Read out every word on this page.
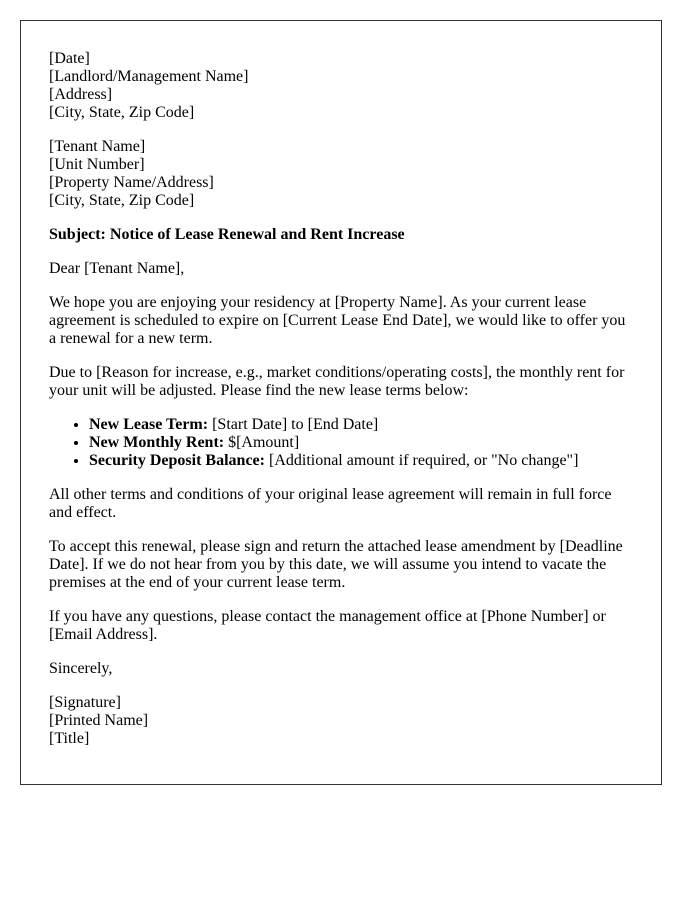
[Date]
[Landlord/Management Name]
[Address]
[City, State, Zip Code]

[Tenant Name]
[Unit Number]
[Property Name/Address]
[City, State, Zip Code]

Subject: Notice of Lease Renewal and Rent Increase

Dear [Tenant Name],

We hope you are enjoying your residency at [Property Name]. As your current lease agreement is scheduled to expire on [Current Lease End Date], we would like to offer you a renewal for a new term.

Due to [Reason for increase, e.g., market conditions/operating costs], the monthly rent for your unit will be adjusted. Please find the new lease terms below:

• New Lease Term: [Start Date] to [End Date]
• New Monthly Rent: $[Amount]
• Security Deposit Balance: [Additional amount if required, or "No change"]

All other terms and conditions of your original lease agreement will remain in full force and effect.

To accept this renewal, please sign and return the attached lease amendment by [Deadline Date]. If we do not hear from you by this date, we will assume you intend to vacate the premises at the end of your current lease term.

If you have any questions, please contact the management office at [Phone Number] or [Email Address].

Sincerely,

[Signature]
[Printed Name]
[Title]
